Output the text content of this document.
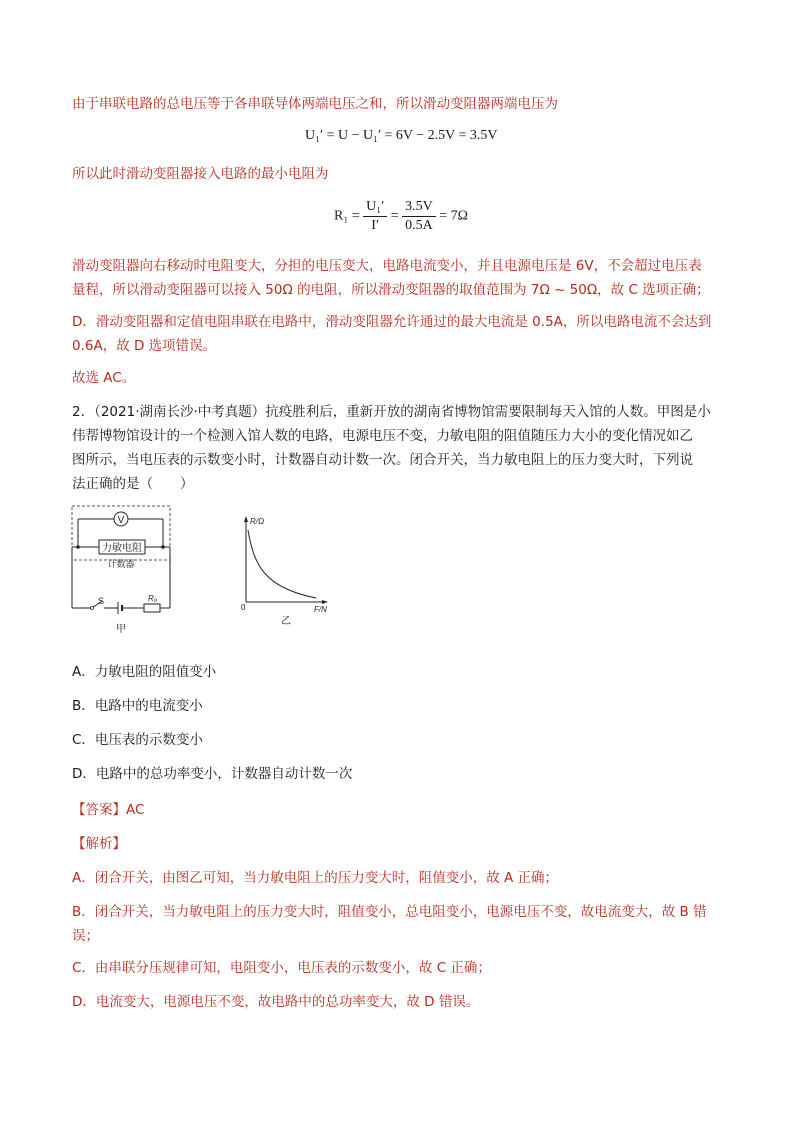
由于串联电路的总电压等于各串联导体两端电压之和，所以滑动变阻器两端电压为
U₁′ = U − U₁′ = 6V − 2.5V = 3.5V
所以此时滑动变阻器接入电路的最小电阻为
$R_1 = \frac{\text{U₁′}}{I'} = \frac{3.5V}{0.5A} = 7\Omega$
滑动变阻器向右移动时电阻变大，分担的电压变大，电路电流变小，并且电源电压是 6V，不会超过电压表
量程，所以滑动变阻器可以接入 50Ω 的电阻，所以滑动变阻器的取值范围为 7Ω ~ 50Ω，故 C 选项正确；
D．滑动变阻器和定值电阻串联在电路中，滑动变阻器允许通过的最大电流是 0.5A，所以电路电流不会达到
0.6A，故 D 选项错误。
故选 AC。
2．（2021·湖南长沙·中考真题）抗疫胜利后，重新开放的湖南省博物馆需要限制每天入馆的人数。甲图是小
伟帮博物馆设计的一个检测入馆人数的电路，电源电压不变，力敏电阻的阻值随压力大小的变化情况如乙
图所示，当电压表的示数变小时，计数器自动计数一次。闭合开关，当力敏电阻上的压力变大时，下列说
法正确的是（　　）
V
力敏电阻
计数器
S	R₀
甲
R/Ω
F/N
0
乙
A．力敏电阻的阻值变小
B．电路中的电流变小
C．电压表的示数变小
D．电路中的总功率变小，计数器自动计数一次
【答案】AC
【解析】
A．闭合开关，由图乙可知，当力敏电阻上的压力变大时，阻值变小，故 A 正确；
B．闭合开关，当力敏电阻上的压力变大时，阻值变小，总电阻变小，电源电压不变，故电流变大，故 B 错
误；
C．由串联分压规律可知，电阻变小，电压表的示数变小，故 C 正确；
D．电流变大，电源电压不变，故电路中的总功率变大，故 D 错误。
